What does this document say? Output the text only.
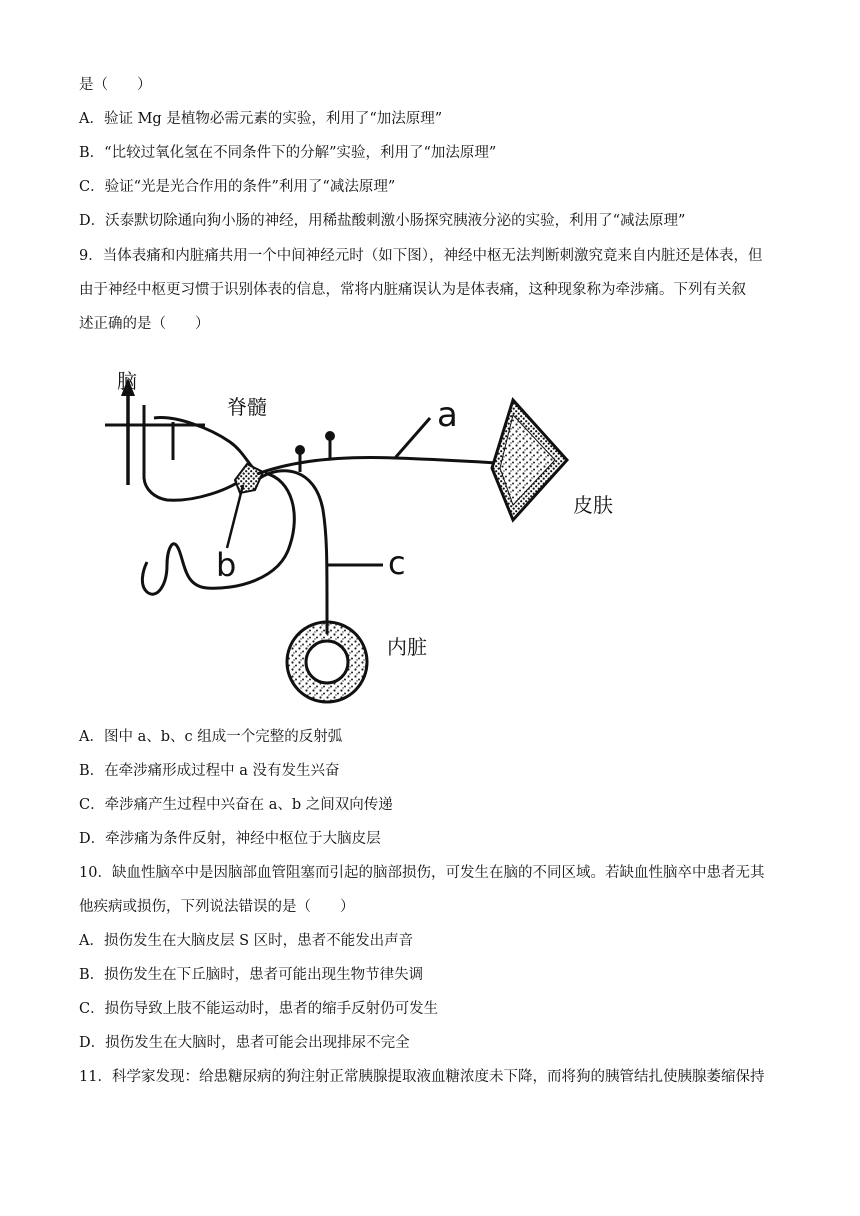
是（　　）
A．验证 Mg 是植物必需元素的实验，利用了“加法原理”
B．“比较过氧化氢在不同条件下的分解”实验，利用了“加法原理”
C．验证“光是光合作用的条件”利用了“减法原理”
D．沃泰默切除通向狗小肠的神经，用稀盐酸刺激小肠探究胰液分泌的实验，利用了“减法原理”
9．当体表痛和内脏痛共用一个中间神经元时（如下图），神经中枢无法判断刺激究竟来自内脏还是体表，但
由于神经中枢更习惯于识别体表的信息，常将内脏痛误认为是体表痛，这种现象称为牵涉痛。下列有关叙
述正确的是（　　）
脑
脊髓
b
a
皮肤
c
内脏
A．图中 a、b、c 组成一个完整的反射弧
B．在牵涉痛形成过程中 a 没有发生兴奋
C．牵涉痛产生过程中兴奋在 a、b 之间双向传递
D．牵涉痛为条件反射，神经中枢位于大脑皮层
10．缺血性脑卒中是因脑部血管阻塞而引起的脑部损伤，可发生在脑的不同区域。若缺血性脑卒中患者无其
他疾病或损伤，下列说法错误的是（　　）
A．损伤发生在大脑皮层 S 区时，患者不能发出声音
B．损伤发生在下丘脑时，患者可能出现生物节律失调
C．损伤导致上肢不能运动时，患者的缩手反射仍可发生
D．损伤发生在大脑时，患者可能会出现排尿不完全
11．科学家发现：给患糖尿病的狗注射正常胰腺提取液血糖浓度未下降，而将狗的胰管结扎使胰腺萎缩保持
